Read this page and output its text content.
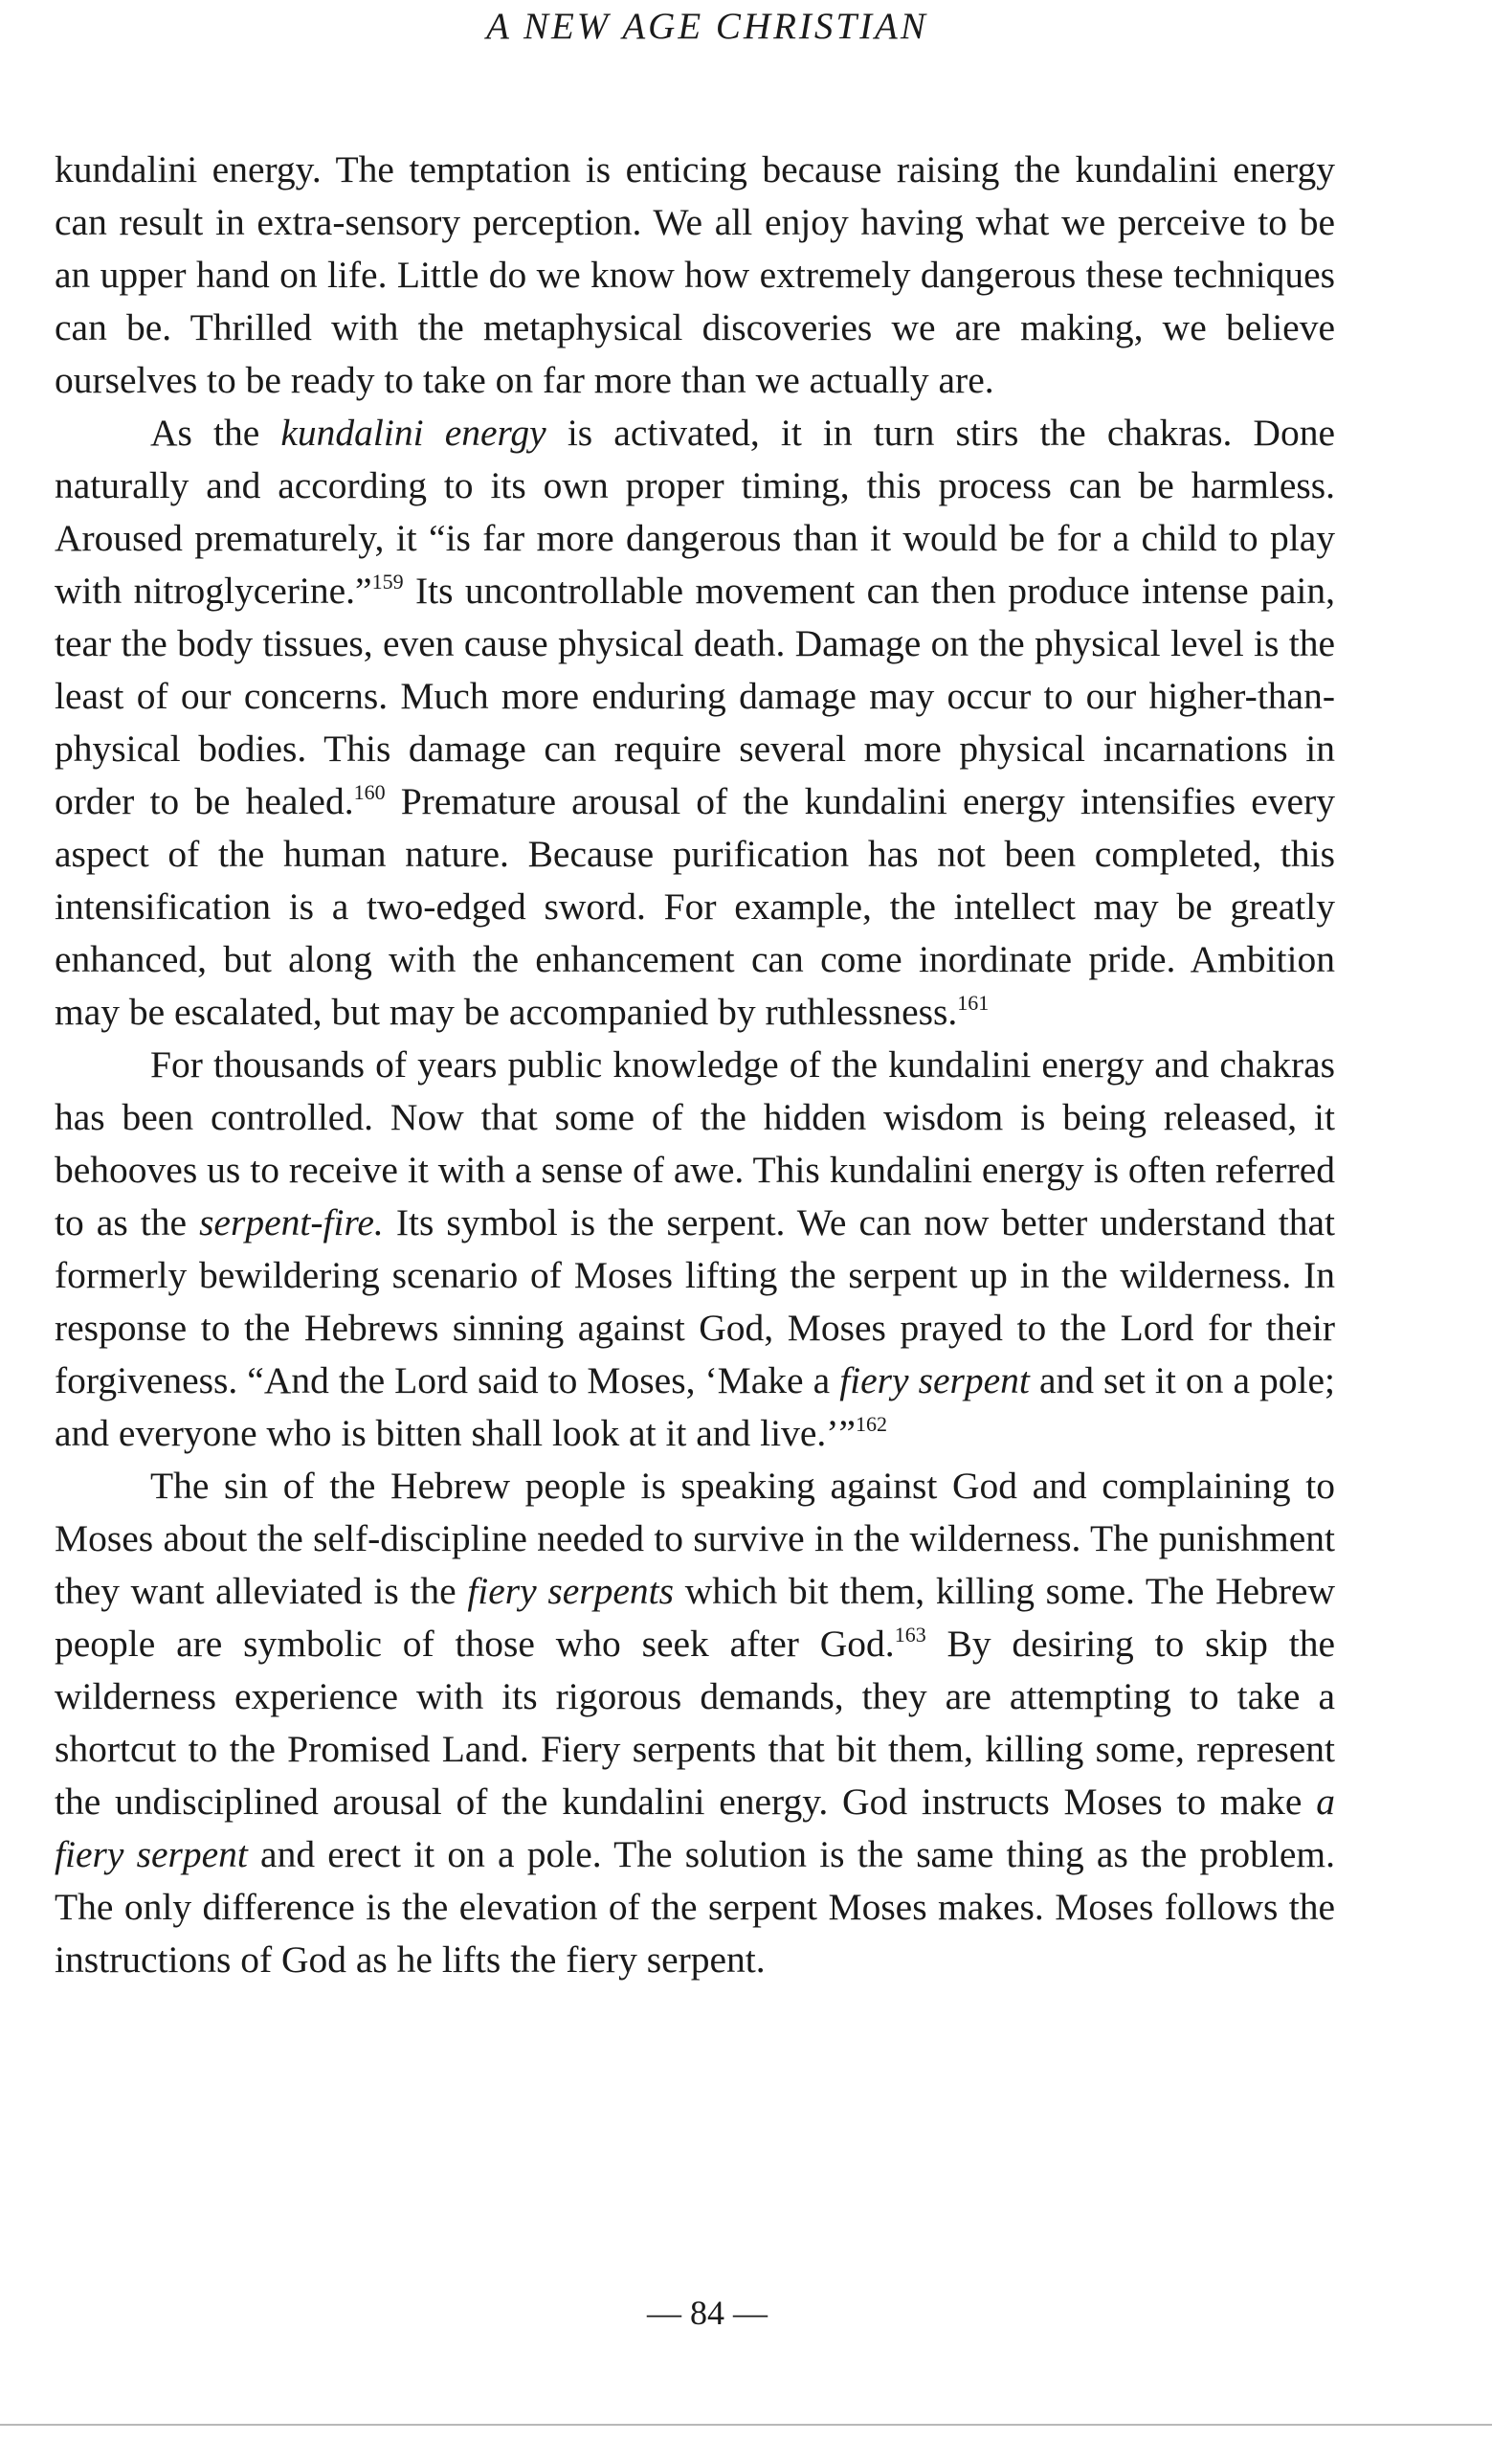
A NEW AGE CHRISTIAN

kundalini energy. The temptation is enticing because raising the kundalini energy can result in extra-sensory perception. We all enjoy having what we perceive to be an upper hand on life. Little do we know how extremely dangerous these techniques can be. Thrilled with the metaphysical discoveries we are making, we believe ourselves to be ready to take on far more than we actually are.

As the kundalini energy is activated, it in turn stirs the chakras. Done naturally and according to its own proper timing, this process can be harmless. Aroused prematurely, it “is far more dangerous than it would be for a child to play with nitroglycerine.”$^{159}$ Its uncontrollable movement can then produce intense pain, tear the body tissues, even cause physical death. Damage on the physical level is the least of our concerns. Much more enduring damage may occur to our higher-than-physical bodies. This damage can require several more physical incarnations in order to be healed.$^{160}$ Premature arousal of the kundalini energy intensifies every aspect of the human nature. Because purification has not been completed, this intensification is a two-edged sword. For example, the intellect may be greatly enhanced, but along with the enhancement can come inordinate pride. Ambition may be escalated, but may be accompanied by ruthlessness.$^{161}$

For thousands of years public knowledge of the kundalini energy and chakras has been controlled. Now that some of the hidden wisdom is being released, it behooves us to receive it with a sense of awe. This kundalini energy is often referred to as the serpent-fire. Its symbol is the serpent. We can now better understand that formerly bewildering scenario of Moses lifting the serpent up in the wilderness. In response to the Hebrews sinning against God, Moses prayed to the Lord for their forgiveness. “And the Lord said to Moses, ‘Make a fiery serpent and set it on a pole; and everyone who is bitten shall look at it and live.’”$^{162}$

The sin of the Hebrew people is speaking against God and complaining to Moses about the self-discipline needed to survive in the wilderness. The punishment they want alleviated is the fiery serpents which bit them, killing some. The Hebrew people are symbolic of those who seek after God.$^{163}$ By desiring to skip the wilderness experience with its rigorous demands, they are attempting to take a shortcut to the Promised Land. Fiery serpents that bit them, killing some, represent the undisciplined arousal of the kundalini energy. God instructs Moses to make a fiery serpent and erect it on a pole. The solution is the same thing as the problem. The only difference is the elevation of the serpent Moses makes. Moses follows the instructions of God as he lifts the fiery serpent.

— 84 —
